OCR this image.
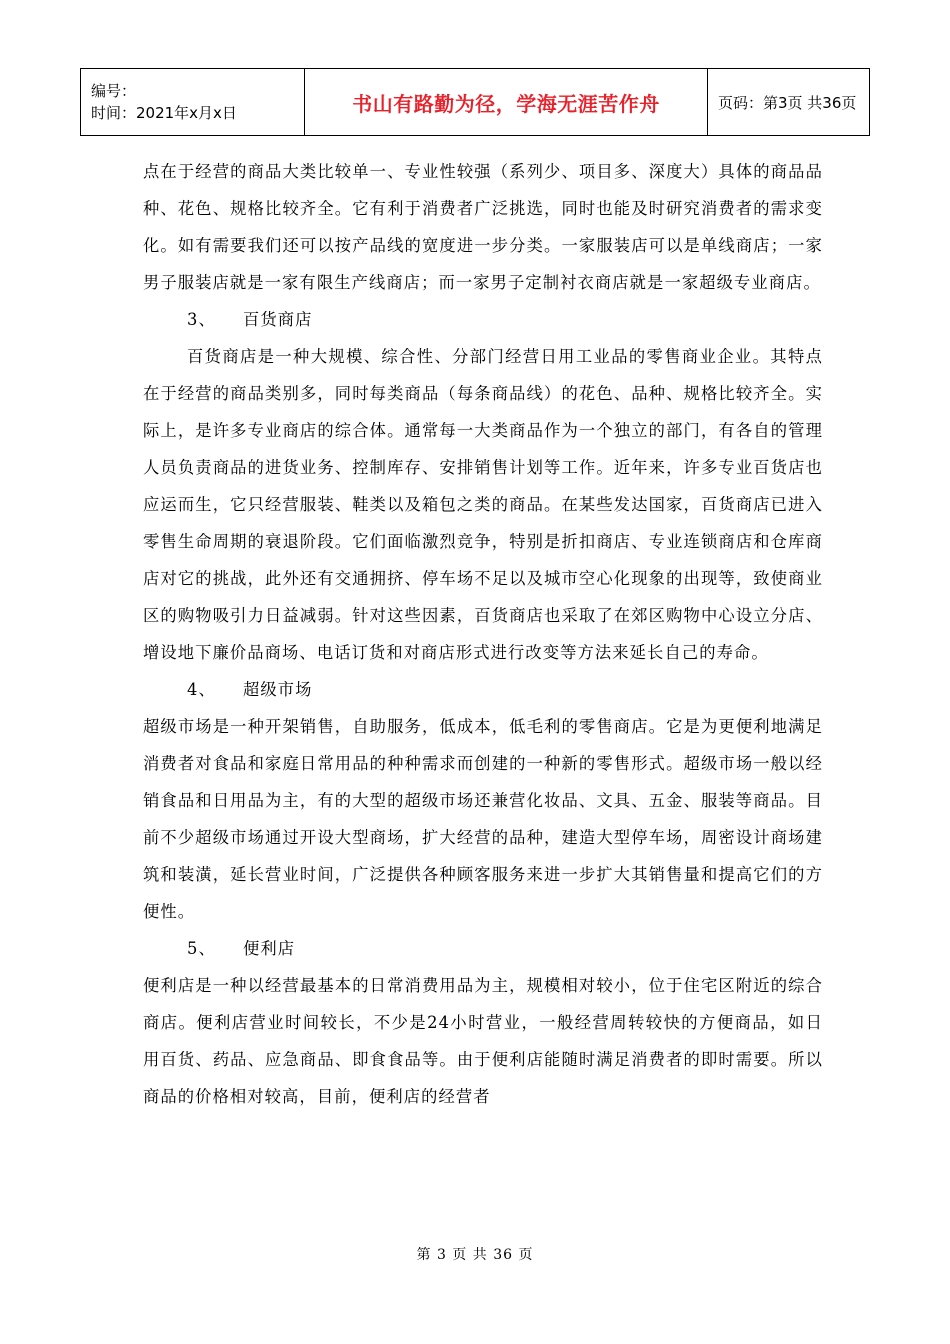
编号：
时间：2021年x月x日	书山有路勤为径，学海无涯苦作舟	页码：第3页 共36页

点在于经营的商品大类比较单一、专业性较强（系列少、项目多、深度大）具体的商品品种、花色、规格比较齐全。它有利于消费者广泛挑选，同时也能及时研究消费者的需求变化。如有需要我们还可以按产品线的宽度进一步分类。一家服装店可以是单线商店；一家男子服装店就是一家有限生产线商店；而一家男子定制衬衣商店就是一家超级专业商店。

3、 百货商店

百货商店是一种大规模、综合性、分部门经营日用工业品的零售商业企业。其特点在于经营的商品类别多，同时每类商品（每条商品线）的花色、品种、规格比较齐全。实际上，是许多专业商店的综合体。通常每一大类商品作为一个独立的部门，有各自的管理人员负责商品的进货业务、控制库存、安排销售计划等工作。近年来，许多专业百货店也应运而生，它只经营服装、鞋类以及箱包之类的商品。在某些发达国家，百货商店已进入零售生命周期的衰退阶段。它们面临激烈竞争，特别是折扣商店、专业连锁商店和仓库商店对它的挑战，此外还有交通拥挤、停车场不足以及城市空心化现象的出现等，致使商业区的购物吸引力日益减弱。针对这些因素，百货商店也采取了在郊区购物中心设立分店、增设地下廉价品商场、电话订货和对商店形式进行改变等方法来延长自己的寿命。

4、 超级市场

超级市场是一种开架销售，自助服务，低成本，低毛利的零售商店。它是为更便利地满足消费者对食品和家庭日常用品的种种需求而创建的一种新的零售形式。超级市场一般以经销食品和日用品为主，有的大型的超级市场还兼营化妆品、文具、五金、服装等商品。目前不少超级市场通过开设大型商场，扩大经营的品种，建造大型停车场，周密设计商场建筑和装潢，延长营业时间，广泛提供各种顾客服务来进一步扩大其销售量和提高它们的方便性。

5、 便利店

便利店是一种以经营最基本的日常消费用品为主，规模相对较小，位于住宅区附近的综合商店。便利店营业时间较长，不少是24小时营业，一般经营周转较快的方便商品，如日用百货、药品、应急商品、即食食品等。由于便利店能随时满足消费者的即时需要。所以商品的价格相对较高，目前，便利店的经营者

第 3 页 共 36 页
